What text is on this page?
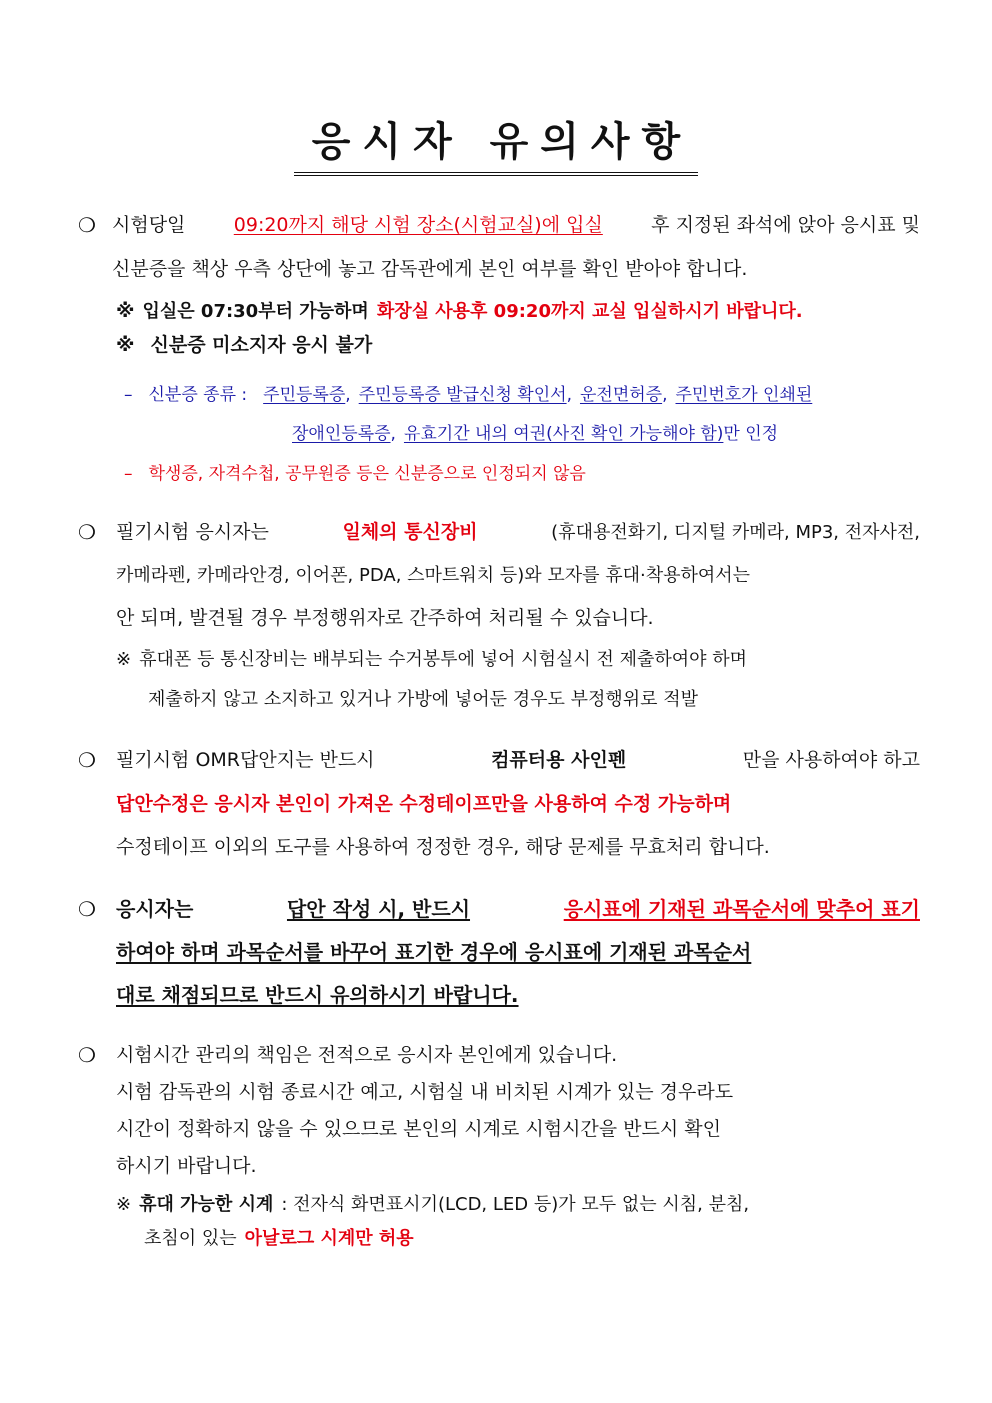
응시자 유의사항
❍ 시험당일	09:20까지 해당 시험 장소(시험교실)에 입실	후 지정된 좌석에 앉아 응시표 및
신분증을 책상 우측 상단에 놓고 감독관에게 본인 여부를 확인 받아야 합니다.
※ 입실은 07:30부터 가능하며 화장실 사용후 09:20까지 교실 입실하시기 바랍니다.
※ 신분증 미소지자 응시 불가
– 신분증 종류 : 주민등록증 , 주민등록증 발급신청 확인서 , 운전면허증 , 주민번호가 인쇄된
장애인등록증 , 유효기간 내의 여권(사진 확인 가능해야 함) 만 인정
– 학생증, 자격수첩, 공무원증 등은 신분증으로 인정되지 않음
❍ 필기시험 응시자는	일체의 통신장비	(휴대용전화기, 디지털 카메라, MP3, 전자사전,
카메라펜, 카메라안경, 이어폰, PDA, 스마트워치 등)와 모자를 휴대·착용하여서는
안 되며, 발견될 경우 부정행위자로 간주하여 처리될 수 있습니다.
※ 휴대폰 등 통신장비는 배부되는 수거봉투에 넣어 시험실시 전 제출하여야 하며
제출하지 않고 소지하고 있거나 가방에 넣어둔 경우도 부정행위로 적발
❍ 필기시험 OMR답안지는 반드시	컴퓨터용 사인펜	만을 사용하여야 하고
답안수정은 응시자 본인이 가져온 수정테이프만을 사용하여 수정 가능하며
수정테이프 이외의 도구를 사용하여 정정한 경우, 해당 문제를 무효처리 합니다.
❍ 응시자는	답안 작성 시, 반드시	응시표에 기재된 과목순서에 맞추어 표기
하여야 하며 과목순서를 바꾸어 표기한 경우에 응시표에 기재된 과목순서
대로 채점되므로 반드시 유의하시기 바랍니다.
❍ 시험시간 관리의 책임은 전적으로 응시자 본인에게 있습니다.
시험 감독관의 시험 종료시간 예고, 시험실 내 비치된 시계가 있는 경우라도
시간이 정확하지 않을 수 있으므로 본인의 시계로 시험시간을 반드시 확인
하시기 바랍니다.
※ 휴대 가능한 시계 : 전자식 화면표시기(LCD, LED 등)가 모두 없는 시침, 분침,
초침이 있는 아날로그 시계만 허용
